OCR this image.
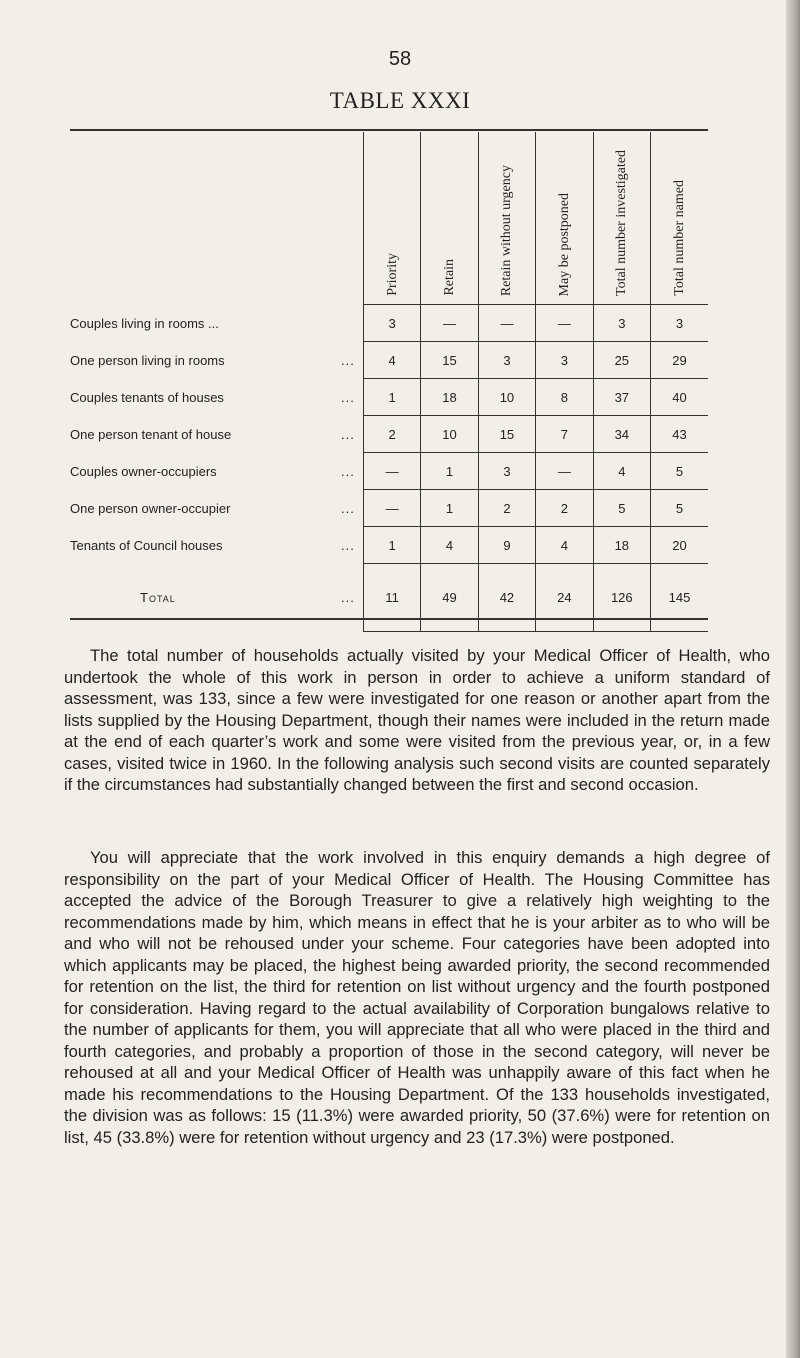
58
TABLE XXXI

	Priority	Retain	Retain without urgency	May be postponed	Total number investigated	Total number named

Couples living in rooms ...	3	—	—	—	3	3
One person living in rooms ...	4	15	3	3	25	29
Couples tenants of houses ...	1	18	10	8	37	40
One person tenant of house ...	2	10	15	7	34	43
Couples owner-occupiers ...	—	1	3	—	4	5
One person owner-occupier ...	—	1	2	2	5	5
Tenants of Council houses ...	1	4	9	4	18	20
Total ...	11	49	42	24	126	145

The total number of households actually visited by your Medical Officer of Health, who undertook the whole of this work in person in order to achieve a uniform standard of assessment, was 133, since a few were investigated for one reason or another apart from the lists supplied by the Housing Department, though their names were included in the return made at the end of each quarter’s work and some were visited from the previous year, or, in a few cases, visited twice in 1960. In the following analysis such second visits are counted separately if the circumstances had substantially changed between the first and second occasion.

You will appreciate that the work involved in this enquiry demands a high degree of responsibility on the part of your Medical Officer of Health. The Housing Committee has accepted the advice of the Borough Treasurer to give a relatively high weighting to the recommendations made by him, which means in effect that he is your arbiter as to who will be and who will not be rehoused under your scheme. Four categories have been adopted into which applicants may be placed, the highest being awarded priority, the second recommended for retention on the list, the third for retention on list without urgency and the fourth postponed for consideration. Having regard to the actual availability of Corporation bungalows relative to the number of applicants for them, you will appreciate that all who were placed in the third and fourth categories, and probably a proportion of those in the second category, will never be rehoused at all and your Medical Officer of Health was unhappily aware of this fact when he made his recommendations to the Housing Department. Of the 133 households investigated, the division was as follows: 15 (11.3%) were awarded priority, 50 (37.6%) were for retention on list, 45 (33.8%) were for retention without urgency and 23 (17.3%) were postponed.
